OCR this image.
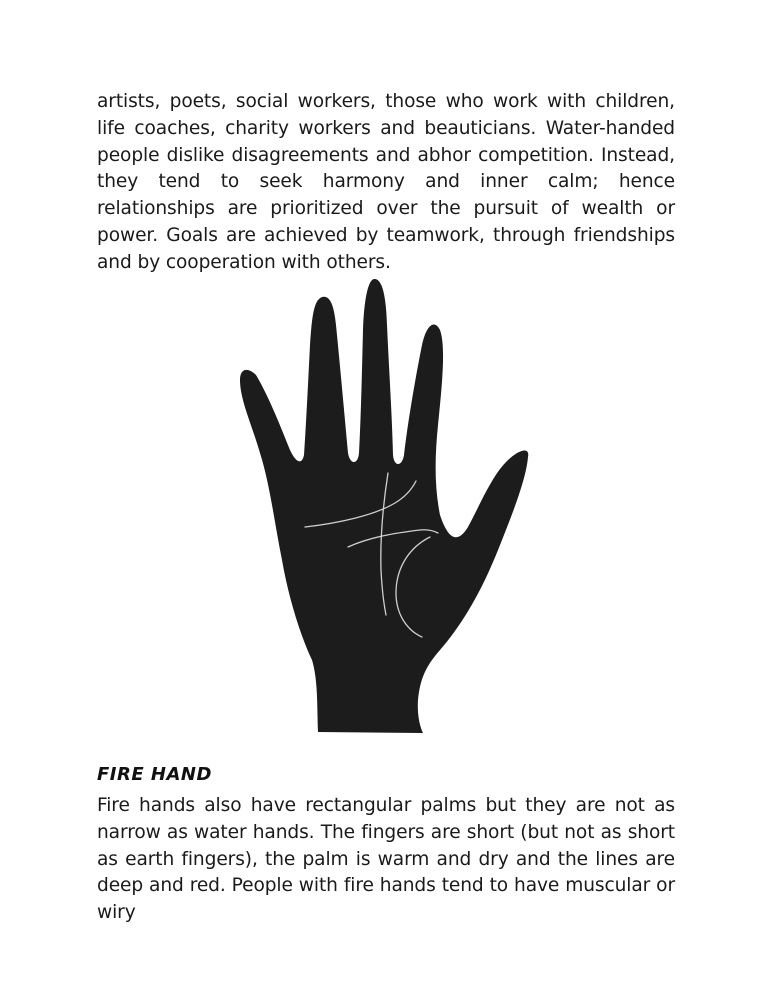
artists, poets, social workers, those who work with children, life coaches, charity workers and beauticians. Water-handed people dislike disagreements and abhor competition. Instead, they tend to seek harmony and inner calm; hence relationships are prioritized over the pursuit of wealth or power. Goals are achieved by teamwork, through friendships and by cooperation with others.

FIRE HAND

Fire hands also have rectangular palms but they are not as narrow as water hands. The fingers are short (but not as short as earth fingers), the palm is warm and dry and the lines are deep and red. People with fire hands tend to have muscular or wiry
